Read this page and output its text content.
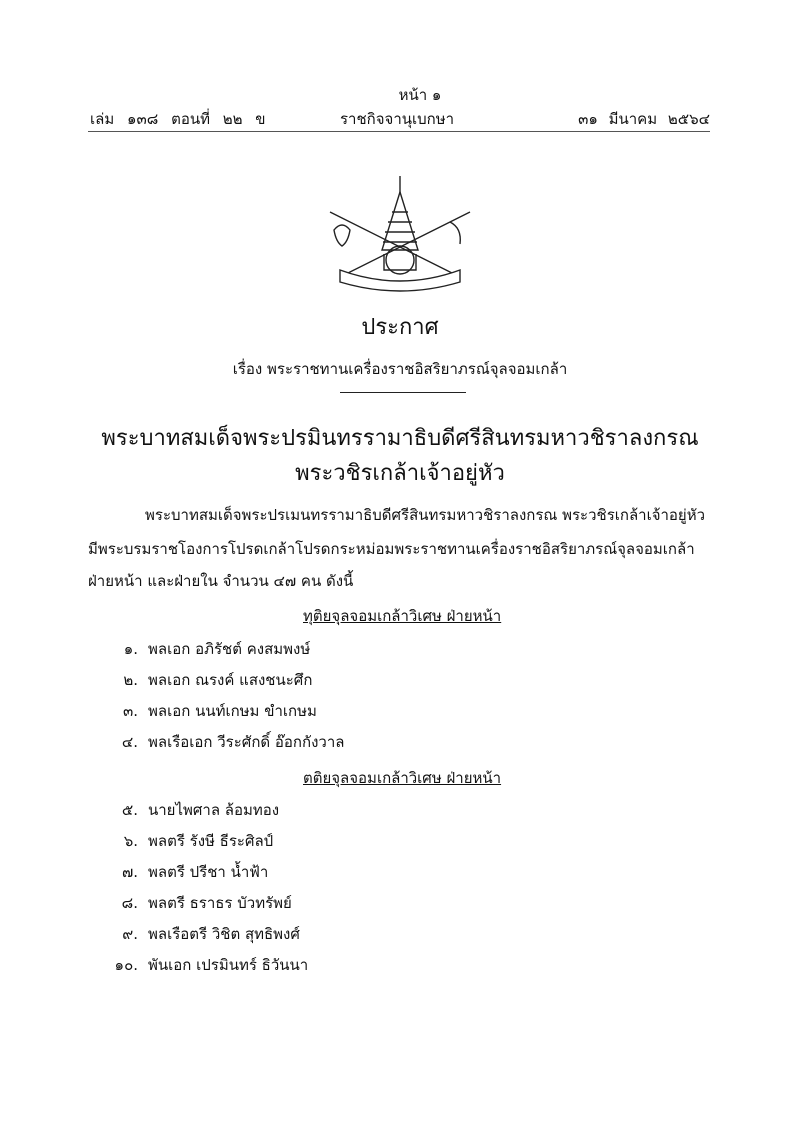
หน้า ๑
เล่ม ๑๓๘ ตอนที่ ๒๒ ข	ราชกิจจานุเบกษา	๓๑ มีนาคม ๒๕๖๔
ประกาศ
เรื่อง พระราชทานเครื่องราชอิสริยาภรณ์จุลจอมเกล้า
พระบาทสมเด็จพระปรมินทรรามาธิบดีศรีสินทรมหาวชิราลงกรณ
พระวชิรเกล้าเจ้าอยู่หัว
พระบาทสมเด็จพระปรเมนทรรามาธิบดีศรีสินทรมหาวชิราลงกรณ พระวชิรเกล้าเจ้าอยู่หัว
มีพระบรมราชโองการโปรดเกล้าโปรดกระหม่อมพระราชทานเครื่องราชอิสริยาภรณ์จุลจอมเกล้า
ฝ่ายหน้า และฝ่ายใน จำนวน ๔๗ คน ดังนี้
ทุติยจุลจอมเกล้าวิเศษ ฝ่ายหน้า
๑. พลเอก อภิรัชต์ คงสมพงษ์
๒. พลเอก ณรงค์ แสงชนะศึก
๓. พลเอก นนท์เกษม ขำเกษม
๔. พลเรือเอก วีระศักดิ์ อ๊อกกังวาล
ตติยจุลจอมเกล้าวิเศษ ฝ่ายหน้า
๕. นายไพศาล ล้อมทอง
๖. พลตรี รังษี ธีระศิลป์
๗. พลตรี ปรีชา น้ำฟ้า
๘. พลตรี ธราธร บัวทรัพย์
๙. พลเรือตรี วิชิต สุทธิพงศ์
๑๐. พันเอก เปรมินทร์ ธิวันนา
